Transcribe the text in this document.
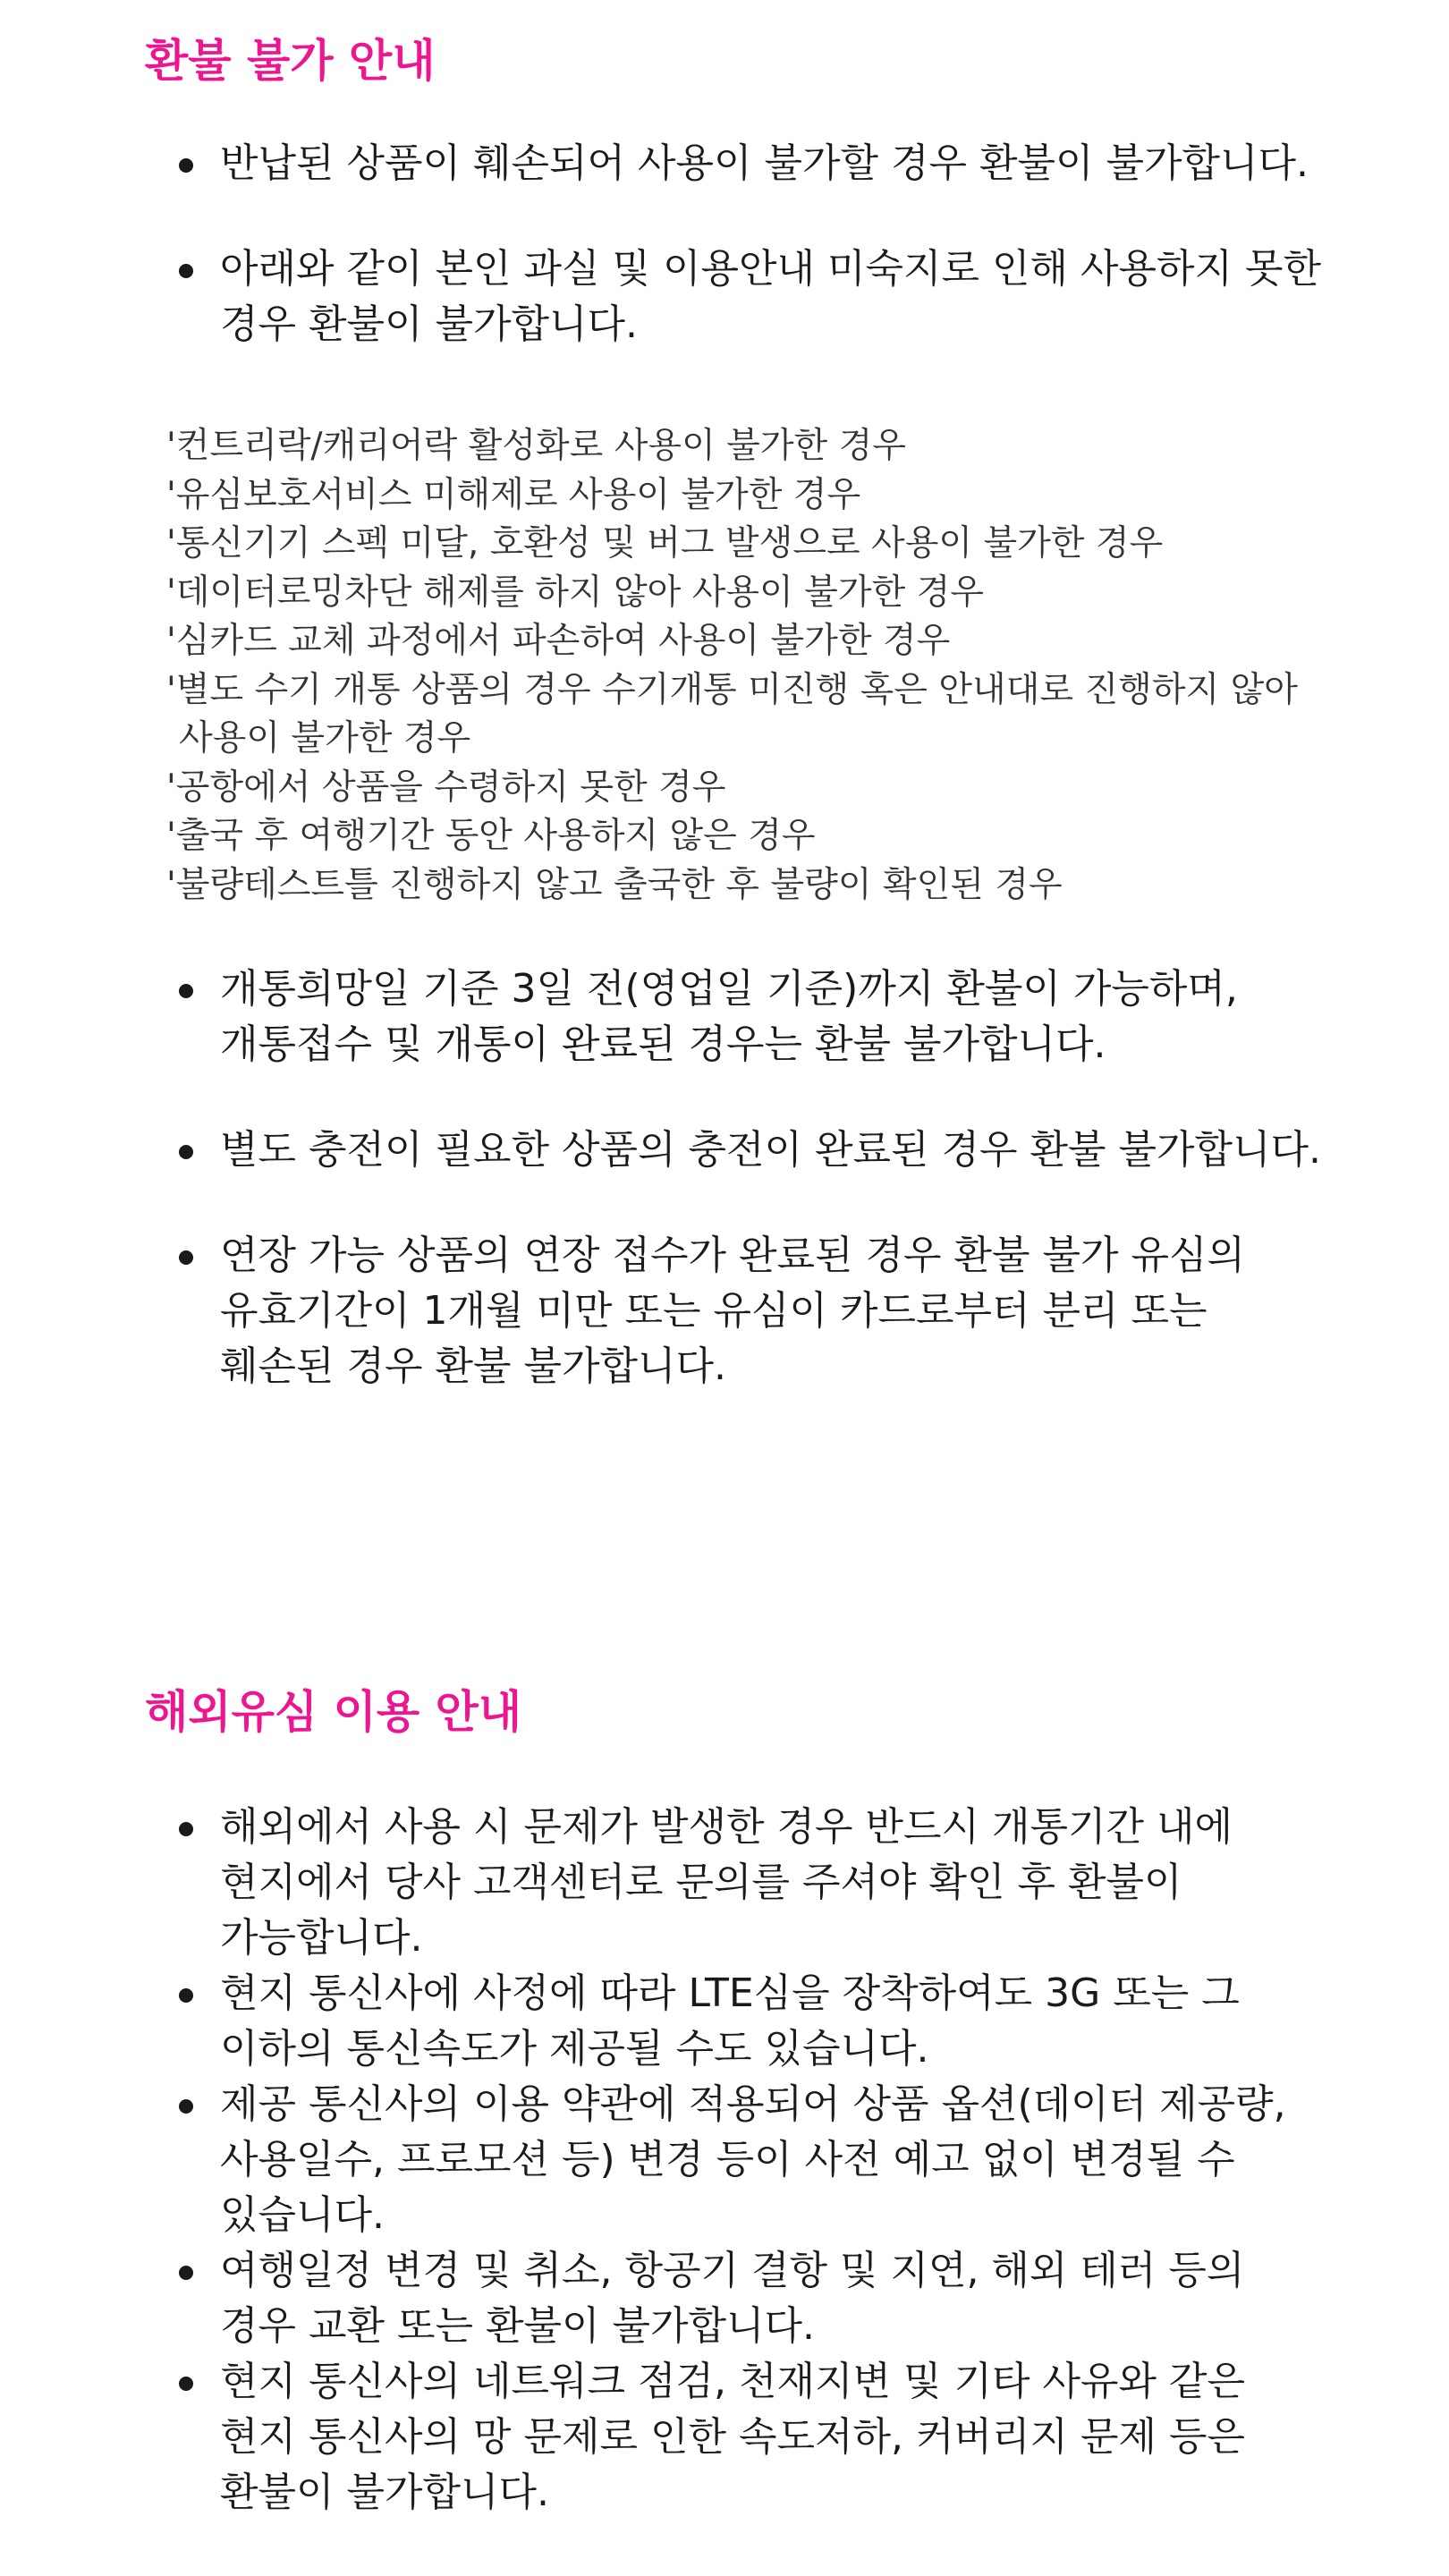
환불 불가 안내
반납된 상품이 훼손되어 사용이 불가할 경우 환불이 불가합니다.
아래와 같이 본인 과실 및 이용안내 미숙지로 인해 사용하지 못한 경우 환불이 불가합니다.
'컨트리락/캐리어락 활성화로 사용이 불가한 경우
'유심보호서비스 미해제로 사용이 불가한 경우
'통신기기 스펙 미달, 호환성 및 버그 발생으로 사용이 불가한 경우
'데이터로밍차단 해제를 하지 않아 사용이 불가한 경우
'심카드 교체 과정에서 파손하여 사용이 불가한 경우
'별도 수기 개통 상품의 경우 수기개통 미진행 혹은 안내대로 진행하지 않아 사용이 불가한 경우
'공항에서 상품을 수령하지 못한 경우
'출국 후 여행기간 동안 사용하지 않은 경우
'불량테스트틀 진행하지 않고 출국한 후 불량이 확인된 경우
개통희망일 기준 3일 전(영업일 기준)까지 환불이 가능하며, 개통접수 및 개통이 완료된 경우는 환불 불가합니다.
별도 충전이 필요한 상품의 충전이 완료된 경우 환불 불가합니다.
연장 가능 상품의 연장 접수가 완료된 경우 환불 불가 유심의 유효기간이 1개월 미만 또는 유심이 카드로부터 분리 또는 훼손된 경우 환불 불가합니다.
해외유심 이용 안내
해외에서 사용 시 문제가 발생한 경우 반드시 개통기간 내에 현지에서 당사 고객센터로 문의를 주셔야 확인 후 환불이 가능합니다.
현지 통신사에 사정에 따라 LTE심을 장착하여도 3G 또는 그 이하의 통신속도가 제공될 수도 있습니다.
제공 통신사의 이용 약관에 적용되어 상품 옵션(데이터 제공량, 사용일수, 프로모션 등) 변경 등이 사전 예고 없이 변경될 수 있습니다.
여행일정 변경 및 취소, 항공기 결항 및 지연, 해외 테러 등의 경우 교환 또는 환불이 불가합니다.
현지 통신사의 네트워크 점검, 천재지변 및 기타 사유와 같은 현지 통신사의 망 문제로 인한 속도저하, 커버리지 문제 등은 환불이 불가합니다.
